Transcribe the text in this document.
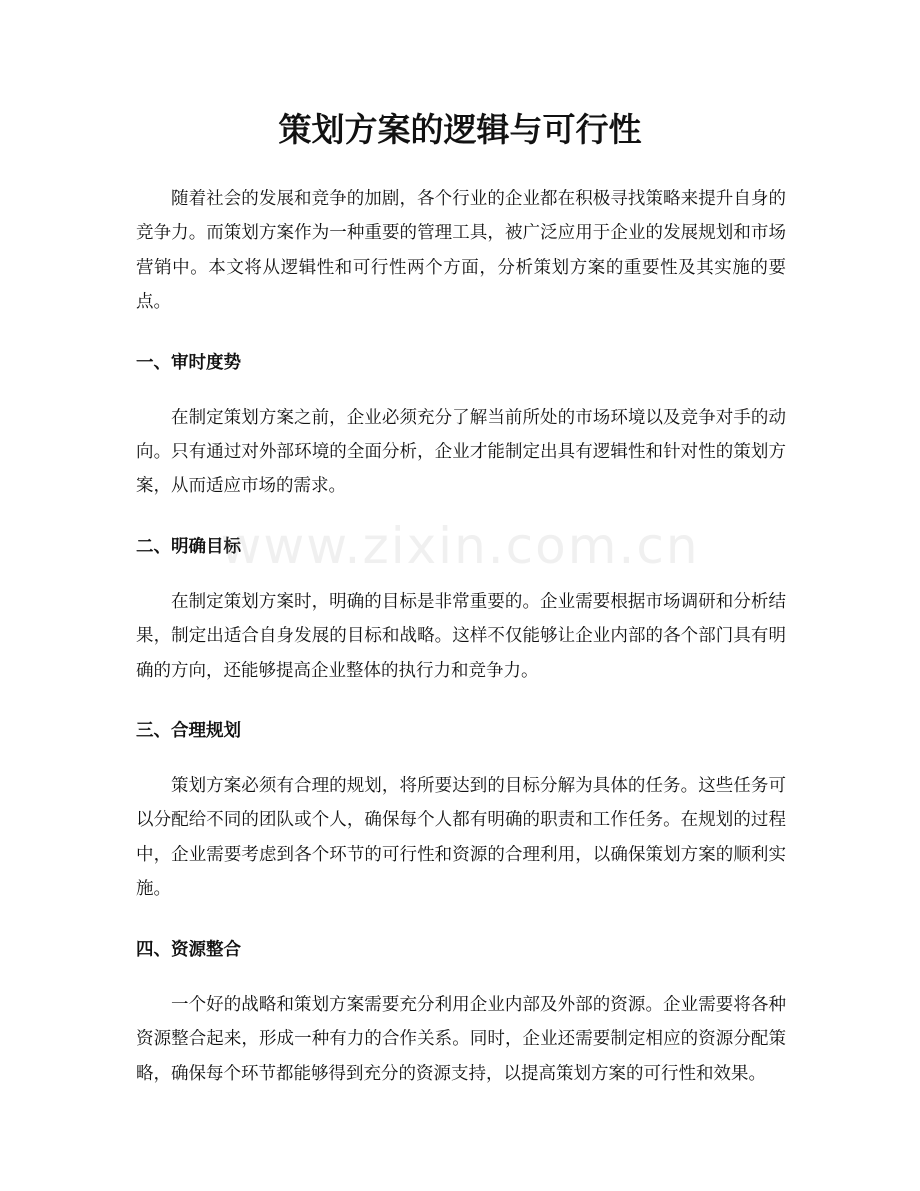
策划方案的逻辑与可行性

随着社会的发展和竞争的加剧，各个行业的企业都在积极寻找策略来提升自身的竞争力。而策划方案作为一种重要的管理工具，被广泛应用于企业的发展规划和市场营销中。本文将从逻辑性和可行性两个方面，分析策划方案的重要性及其实施的要点。

一、审时度势

在制定策划方案之前，企业必须充分了解当前所处的市场环境以及竞争对手的动向。只有通过对外部环境的全面分析，企业才能制定出具有逻辑性和针对性的策划方案，从而适应市场的需求。

二、明确目标

在制定策划方案时，明确的目标是非常重要的。企业需要根据市场调研和分析结果，制定出适合自身发展的目标和战略。这样不仅能够让企业内部的各个部门具有明确的方向，还能够提高企业整体的执行力和竞争力。

三、合理规划

策划方案必须有合理的规划，将所要达到的目标分解为具体的任务。这些任务可以分配给不同的团队或个人，确保每个人都有明确的职责和工作任务。在规划的过程中，企业需要考虑到各个环节的可行性和资源的合理利用，以确保策划方案的顺利实施。

四、资源整合

一个好的战略和策划方案需要充分利用企业内部及外部的资源。企业需要将各种资源整合起来，形成一种有力的合作关系。同时，企业还需要制定相应的资源分配策略，确保每个环节都能够得到充分的资源支持，以提高策划方案的可行性和效果。

www.zixin.com.cn
